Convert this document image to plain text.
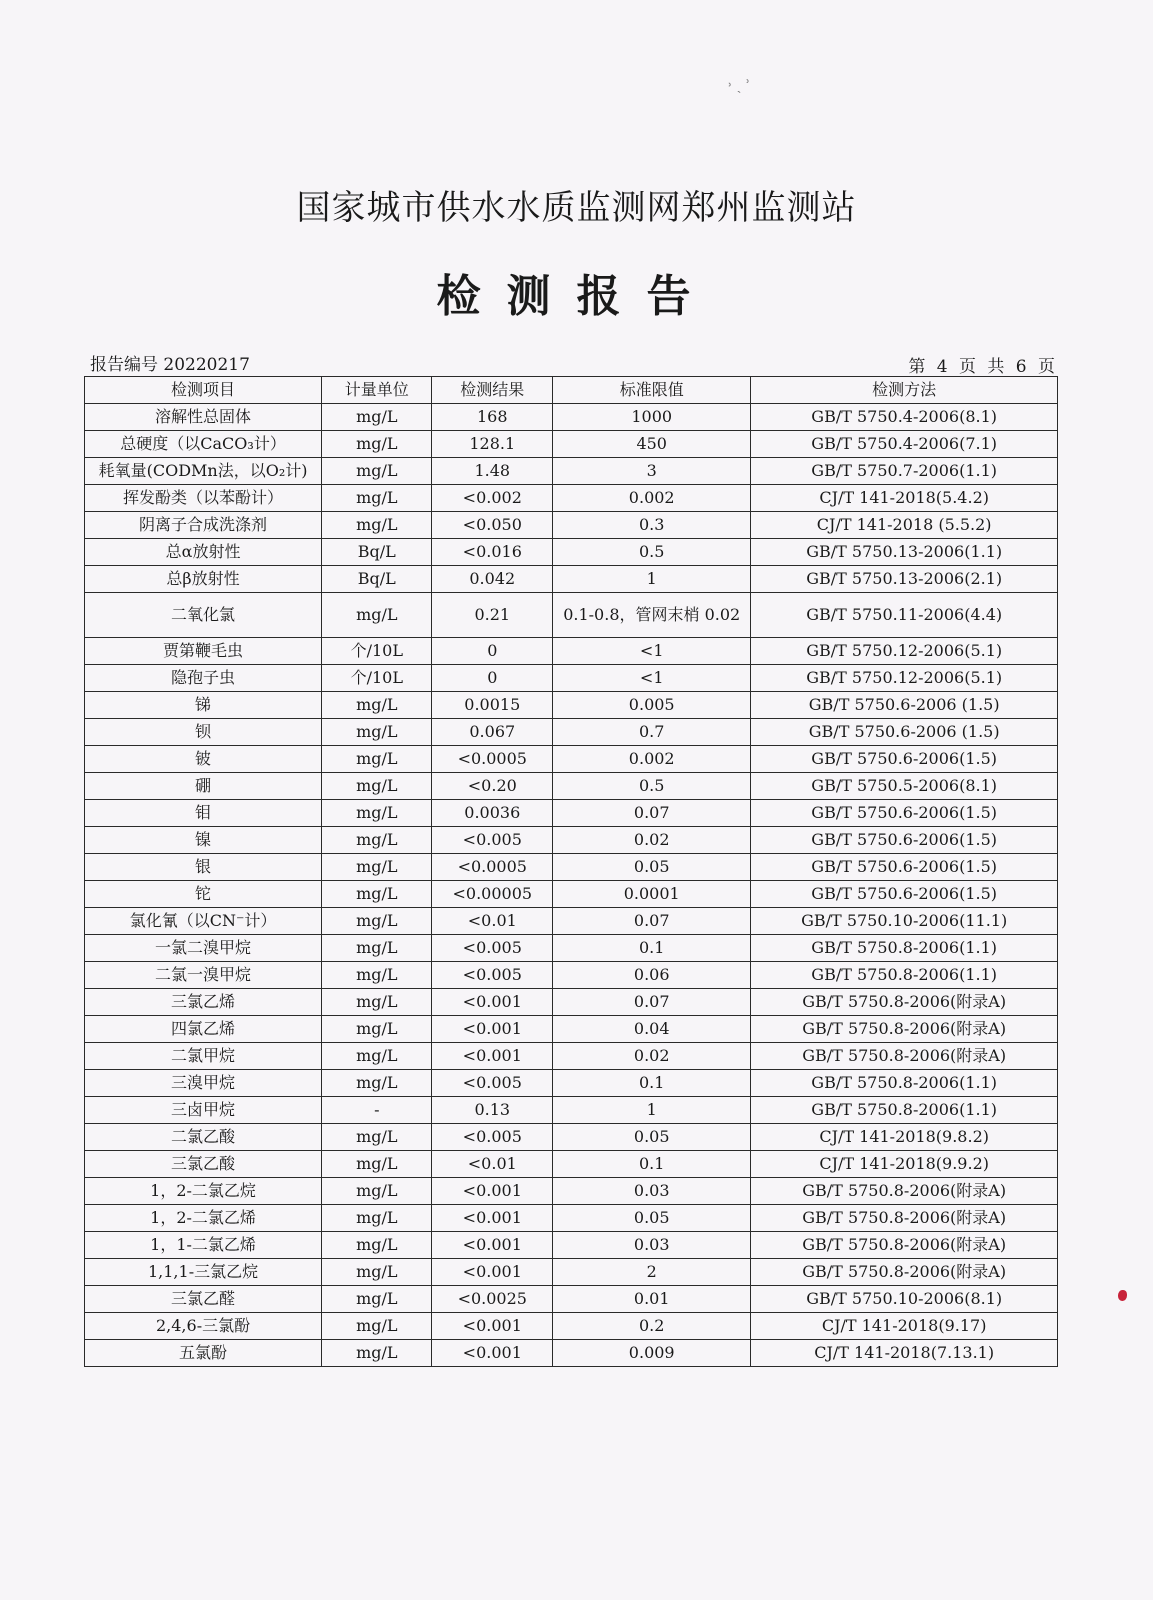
˒ ˏ ʾ
国家城市供水水质监测网郑州监测站
检测报告
报告编号 20220217	第 4 页 共 6 页
检测项目	计量单位	检测结果	标准限值	检测方法
溶解性总固体	mg/L	168	1000	GB/T 5750.4-2006(8.1)
总硬度（以CaCO₃计）	mg/L	128.1	450	GB/T 5750.4-2006(7.1)
耗氧量(CODMn法，以O₂计)	mg/L	1.48	3	GB/T 5750.7-2006(1.1)
挥发酚类（以苯酚计）	mg/L	<0.002	0.002	CJ/T 141-2018(5.4.2)
阴离子合成洗涤剂	mg/L	<0.050	0.3	CJ/T 141-2018 (5.5.2)
总α放射性	Bq/L	<0.016	0.5	GB/T 5750.13-2006(1.1)
总β放射性	Bq/L	0.042	1	GB/T 5750.13-2006(2.1)
二氧化氯	mg/L	0.21	0.1-0.8，管网末梢 0.02	GB/T 5750.11-2006(4.4)
贾第鞭毛虫	个/10L	0	<1	GB/T 5750.12-2006(5.1)
隐孢子虫	个/10L	0	<1	GB/T 5750.12-2006(5.1)
锑	mg/L	0.0015	0.005	GB/T 5750.6-2006 (1.5)
钡	mg/L	0.067	0.7	GB/T 5750.6-2006 (1.5)
铍	mg/L	<0.0005	0.002	GB/T 5750.6-2006(1.5)
硼	mg/L	<0.20	0.5	GB/T 5750.5-2006(8.1)
钼	mg/L	0.0036	0.07	GB/T 5750.6-2006(1.5)
镍	mg/L	<0.005	0.02	GB/T 5750.6-2006(1.5)
银	mg/L	<0.0005	0.05	GB/T 5750.6-2006(1.5)
铊	mg/L	<0.00005	0.0001	GB/T 5750.6-2006(1.5)
氯化氰（以CN⁻计）	mg/L	<0.01	0.07	GB/T 5750.10-2006(11.1)
一氯二溴甲烷	mg/L	<0.005	0.1	GB/T 5750.8-2006(1.1)
二氯一溴甲烷	mg/L	<0.005	0.06	GB/T 5750.8-2006(1.1)
三氯乙烯	mg/L	<0.001	0.07	GB/T 5750.8-2006(附录A)
四氯乙烯	mg/L	<0.001	0.04	GB/T 5750.8-2006(附录A)
二氯甲烷	mg/L	<0.001	0.02	GB/T 5750.8-2006(附录A)
三溴甲烷	mg/L	<0.005	0.1	GB/T 5750.8-2006(1.1)
三卤甲烷	-	0.13	1	GB/T 5750.8-2006(1.1)
二氯乙酸	mg/L	<0.005	0.05	CJ/T 141-2018(9.8.2)
三氯乙酸	mg/L	<0.01	0.1	CJ/T 141-2018(9.9.2)
1，2-二氯乙烷	mg/L	<0.001	0.03	GB/T 5750.8-2006(附录A)
1，2-二氯乙烯	mg/L	<0.001	0.05	GB/T 5750.8-2006(附录A)
1，1-二氯乙烯	mg/L	<0.001	0.03	GB/T 5750.8-2006(附录A)
1,1,1-三氯乙烷	mg/L	<0.001	2	GB/T 5750.8-2006(附录A)
三氯乙醛	mg/L	<0.0025	0.01	GB/T 5750.10-2006(8.1)
2,4,6-三氯酚	mg/L	<0.001	0.2	CJ/T 141-2018(9.17)
五氯酚	mg/L	<0.001	0.009	CJ/T 141-2018(7.13.1)
